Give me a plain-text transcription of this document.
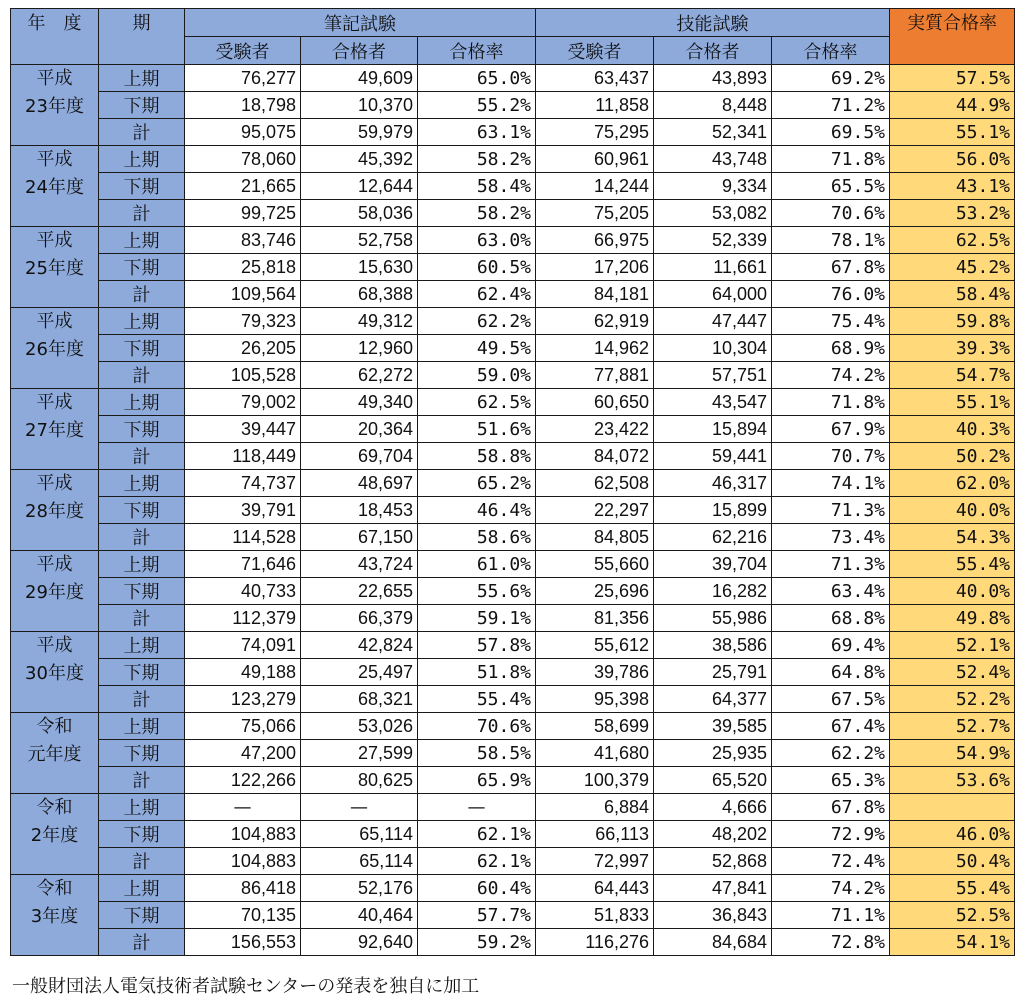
年　度	期	筆記試験			技能試験			実質合格率
		受験者	合格者	合格率	受験者	合格者	合格率	

平成
23年度	上期	76,277	49,609	65.0%	63,437	43,893	69.2%	57.5%
	下期	18,798	10,370	55.2%	11,858	8,448	71.2%	44.9%
	計	95,075	59,979	63.1%	75,295	52,341	69.5%	55.1%

平成
24年度	上期	78,060	45,392	58.2%	60,961	43,748	71.8%	56.0%
	下期	21,665	12,644	58.4%	14,244	9,334	65.5%	43.1%
	計	99,725	58,036	58.2%	75,205	53,082	70.6%	53.2%

平成
25年度	上期	83,746	52,758	63.0%	66,975	52,339	78.1%	62.5%
	下期	25,818	15,630	60.5%	17,206	11,661	67.8%	45.2%
	計	109,564	68,388	62.4%	84,181	64,000	76.0%	58.4%

平成
26年度	上期	79,323	49,312	62.2%	62,919	47,447	75.4%	59.8%
	下期	26,205	12,960	49.5%	14,962	10,304	68.9%	39.3%
	計	105,528	62,272	59.0%	77,881	57,751	74.2%	54.7%

平成
27年度	上期	79,002	49,340	62.5%	60,650	43,547	71.8%	55.1%
	下期	39,447	20,364	51.6%	23,422	15,894	67.9%	40.3%
	計	118,449	69,704	58.8%	84,072	59,441	70.7%	50.2%

平成
28年度	上期	74,737	48,697	65.2%	62,508	46,317	74.1%	62.0%
	下期	39,791	18,453	46.4%	22,297	15,899	71.3%	40.0%
	計	114,528	67,150	58.6%	84,805	62,216	73.4%	54.3%

平成
29年度	上期	71,646	43,724	61.0%	55,660	39,704	71.3%	55.4%
	下期	40,733	22,655	55.6%	25,696	16,282	63.4%	40.0%
	計	112,379	66,379	59.1%	81,356	55,986	68.8%	49.8%

平成
30年度	上期	74,091	42,824	57.8%	55,612	38,586	69.4%	52.1%
	下期	49,188	25,497	51.8%	39,786	25,791	64.8%	52.4%
	計	123,279	68,321	55.4%	95,398	64,377	67.5%	52.2%

令和
元年度	上期	75,066	53,026	70.6%	58,699	39,585	67.4%	52.7%
	下期	47,200	27,599	58.5%	41,680	25,935	62.2%	54.9%
	計	122,266	80,625	65.9%	100,379	65,520	65.3%	53.6%

令和
2年度	上期	—	—	—	6,884	4,666	67.8%	
	下期	104,883	65,114	62.1%	66,113	48,202	72.9%	46.0%
	計	104,883	65,114	62.1%	72,997	52,868	72.4%	50.4%

令和
3年度	上期	86,418	52,176	60.4%	64,443	47,841	74.2%	55.4%
	下期	70,135	40,464	57.7%	51,833	36,843	71.1%	52.5%
	計	156,553	92,640	59.2%	116,276	84,684	72.8%	54.1%
一般財団法人電気技術者試験センターの発表を独自に加工
